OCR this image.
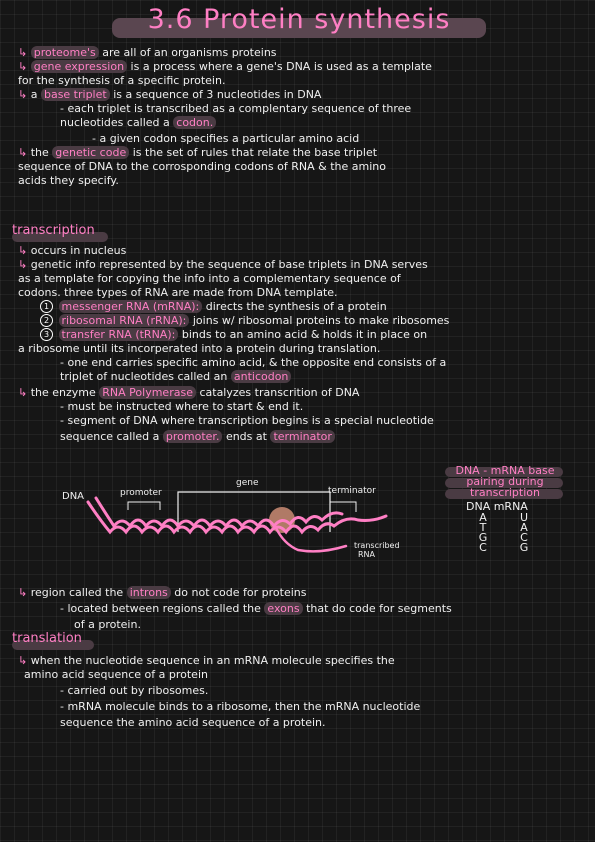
3.6 Protein synthesis
↳ proteome's are all of an organisms proteins
↳ gene expression is a process where a gene's DNA is used as a template
for the synthesis of a specific protein.
↳ a base triplet is a sequence of 3 nucleotides in DNA
- each triplet is transcribed as a complentary sequence of three
nucleotides called a codon.
- a given codon specifies a particular amino acid
↳ the genetic code is the set of rules that relate the base triplet
sequence of DNA to the corrosponding codons of RNA & the amino
acids they specify.
transcription
↳ occurs in nucleus
↳ genetic info represented by the sequence of base triplets in DNA serves
as a template for copying the info into a complementary sequence of
codons. three types of RNA are made from DNA template.
1 messenger RNA (mRNA): directs the synthesis of a protein
2 ribosomal RNA (rRNA): joins w/ ribosomal proteins to make ribosomes
3 transfer RNA (tRNA): binds to an amino acid & holds it in place on
a ribosome until its incorperated into a protein during translation.
- one end carries specific amino acid, & the opposite end consists of a
triplet of nucleotides called an anticodon
↳ the enzyme RNA Polymerase catalyzes transcrition of DNA
- must be instructed where to start & end it.
- segment of DNA where transcription begins is a special nucleotide
sequence called a promoter. ends at terminator
DNA	promoter
gene
terminator
transcribed
RNA
DNA - mRNA base
pairing during
transcription
DNA mRNA
A
T
G
C
U
A
C
G
↳ region called the introns do not code for proteins
- located between regions called the exons that do code for segments
of a protein.
translation
↳ when the nucleotide sequence in an mRNA molecule specifies the
amino acid sequence of a protein
- carried out by ribosomes.
- mRNA molecule binds to a ribosome, then the mRNA nucleotide
sequence the amino acid sequence of a protein.
